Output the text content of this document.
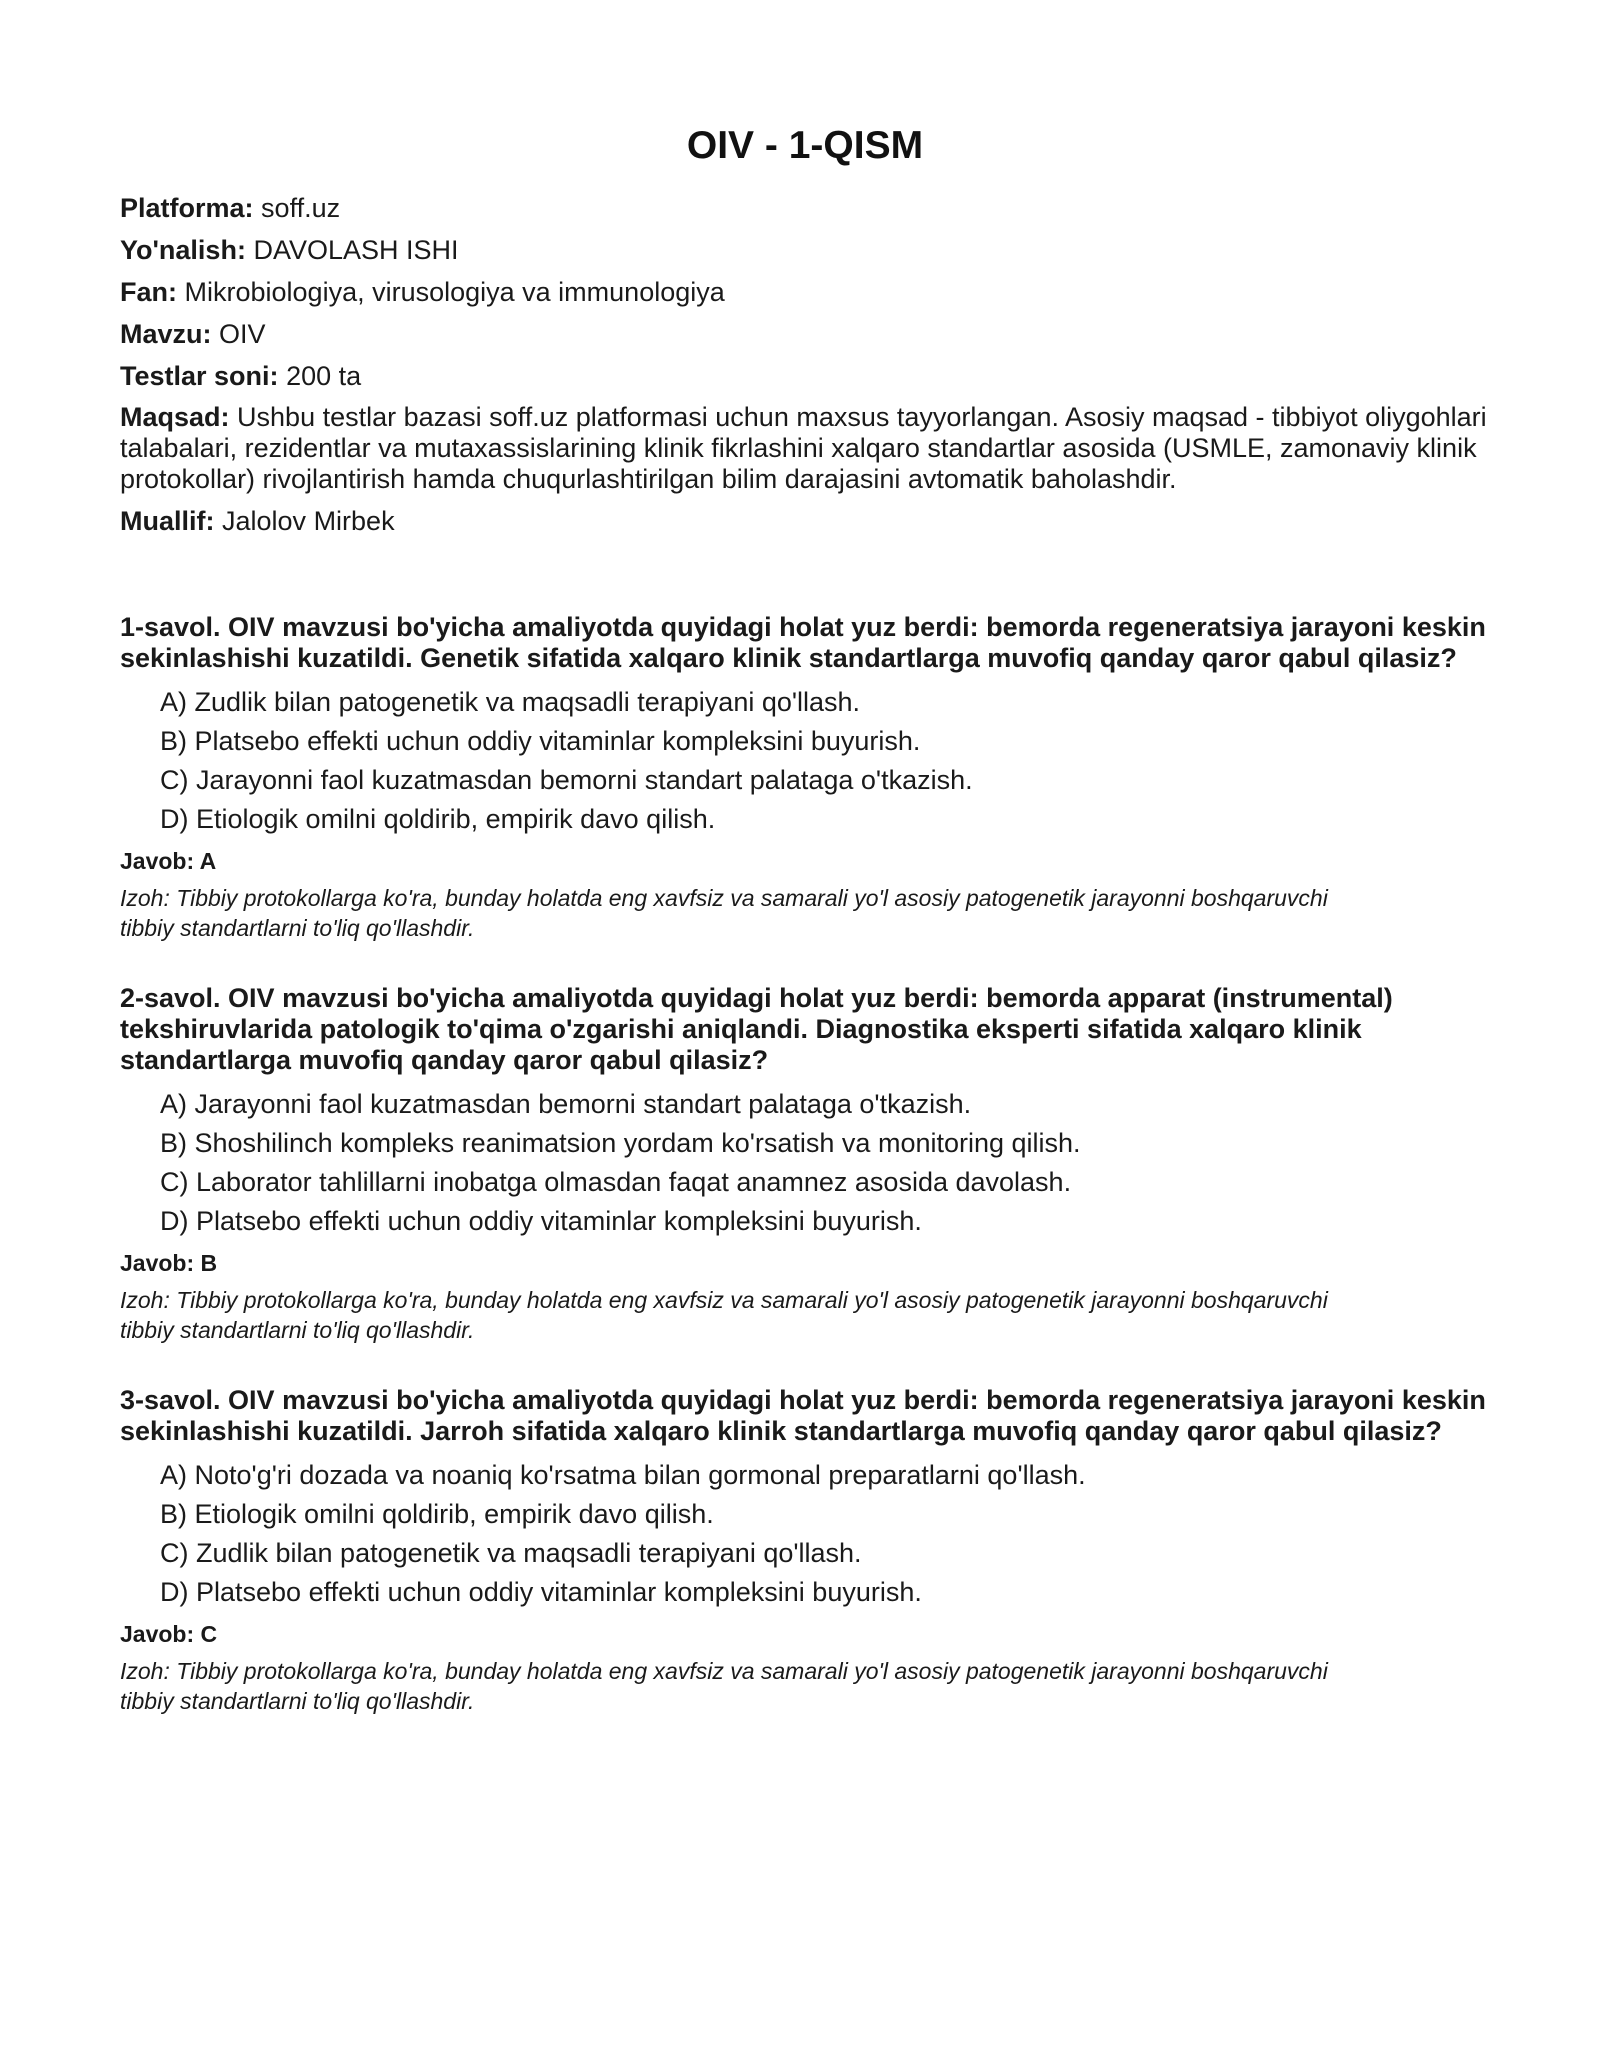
OIV - 1-QISM
Platforma: soff.uz
Yo'nalish: DAVOLASH ISHI
Fan: Mikrobiologiya, virusologiya va immunologiya
Mavzu: OIV
Testlar soni: 200 ta
Maqsad: Ushbu testlar bazasi soff.uz platformasi uchun maxsus tayyorlangan. Asosiy maqsad - tibbiyot oliygohlari talabalari, rezidentlar va mutaxassislarining klinik fikrlashini xalqaro standartlar asosida (USMLE, zamonaviy klinik protokollar) rivojlantirish hamda chuqurlashtirilgan bilim darajasini avtomatik baholashdir.
Muallif: Jalolov Mirbek

1-savol. OIV mavzusi bo'yicha amaliyotda quyidagi holat yuz berdi: bemorda regeneratsiya jarayoni keskin sekinlashishi kuzatildi. Genetik sifatida xalqaro klinik standartlarga muvofiq qanday qaror qabul qilasiz?

A) Zudlik bilan patogenetik va maqsadli terapiyani qo'llash.
B) Platsebo effekti uchun oddiy vitaminlar kompleksini buyurish.
C) Jarayonni faol kuzatmasdan bemorni standart palataga o'tkazish.
D) Etiologik omilni qoldirib, empirik davo qilish.
Javob: A
Izoh: Tibbiy protokollarga ko'ra, bunday holatda eng xavfsiz va samarali yo'l asosiy patogenetik jarayonni boshqaruvchi tibbiy standartlarni to'liq qo'llashdir.

2-savol. OIV mavzusi bo'yicha amaliyotda quyidagi holat yuz berdi: bemorda apparat (instrumental) tekshiruvlarida patologik to'qima o'zgarishi aniqlandi. Diagnostika eksperti sifatida xalqaro klinik standartlarga muvofiq qanday qaror qabul qilasiz?

A) Jarayonni faol kuzatmasdan bemorni standart palataga o'tkazish.
B) Shoshilinch kompleks reanimatsion yordam ko'rsatish va monitoring qilish.
C) Laborator tahlillarni inobatga olmasdan faqat anamnez asosida davolash.
D) Platsebo effekti uchun oddiy vitaminlar kompleksini buyurish.
Javob: B
Izoh: Tibbiy protokollarga ko'ra, bunday holatda eng xavfsiz va samarali yo'l asosiy patogenetik jarayonni boshqaruvchi tibbiy standartlarni to'liq qo'llashdir.

3-savol. OIV mavzusi bo'yicha amaliyotda quyidagi holat yuz berdi: bemorda regeneratsiya jarayoni keskin sekinlashishi kuzatildi. Jarroh sifatida xalqaro klinik standartlarga muvofiq qanday qaror qabul qilasiz?

A) Noto'g'ri dozada va noaniq ko'rsatma bilan gormonal preparatlarni qo'llash.
B) Etiologik omilni qoldirib, empirik davo qilish.
C) Zudlik bilan patogenetik va maqsadli terapiyani qo'llash.
D) Platsebo effekti uchun oddiy vitaminlar kompleksini buyurish.
Javob: C
Izoh: Tibbiy protokollarga ko'ra, bunday holatda eng xavfsiz va samarali yo'l asosiy patogenetik jarayonni boshqaruvchi tibbiy standartlarni to'liq qo'llashdir.
